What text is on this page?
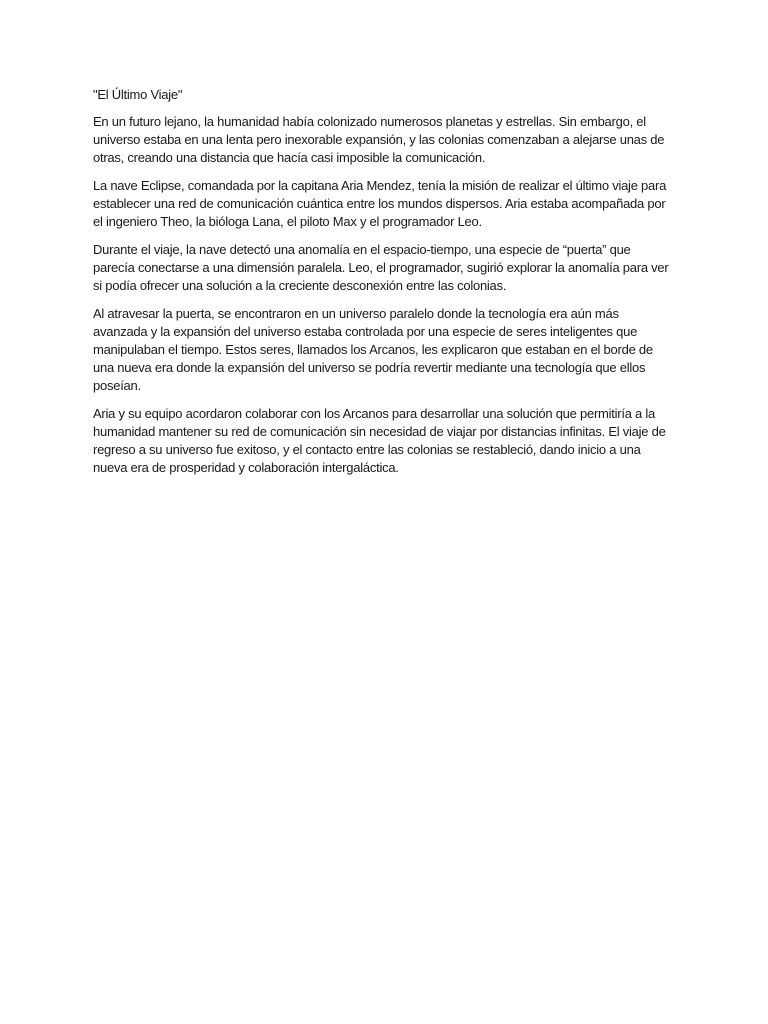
"El Último Viaje"

En un futuro lejano, la humanidad había colonizado numerosos planetas y estrellas. Sin embargo, el universo estaba en una lenta pero inexorable expansión, y las colonias comenzaban a alejarse unas de otras, creando una distancia que hacía casi imposible la comunicación.

La nave Eclipse, comandada por la capitana Aria Mendez, tenía la misión de realizar el último viaje para establecer una red de comunicación cuántica entre los mundos dispersos. Aria estaba acompañada por el ingeniero Theo, la bióloga Lana, el piloto Max y el programador Leo.

Durante el viaje, la nave detectó una anomalía en el espacio-tiempo, una especie de “puerta” que parecía conectarse a una dimensión paralela. Leo, el programador, sugirió explorar la anomalía para ver si podía ofrecer una solución a la creciente desconexión entre las colonias.

Al atravesar la puerta, se encontraron en un universo paralelo donde la tecnología era aún más avanzada y la expansión del universo estaba controlada por una especie de seres inteligentes que manipulaban el tiempo. Estos seres, llamados los Arcanos, les explicaron que estaban en el borde de una nueva era donde la expansión del universo se podría revertir mediante una tecnología que ellos poseían.

Aria y su equipo acordaron colaborar con los Arcanos para desarrollar una solución que permitiría a la humanidad mantener su red de comunicación sin necesidad de viajar por distancias infinitas. El viaje de regreso a su universo fue exitoso, y el contacto entre las colonias se restableció, dando inicio a una nueva era de prosperidad y colaboración intergaláctica.
